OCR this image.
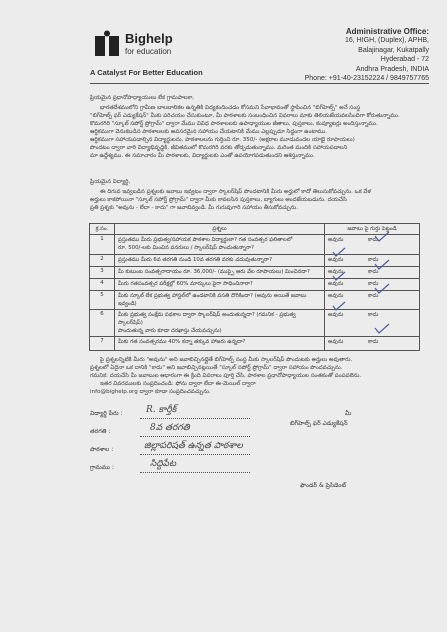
Bighelp
for education
A Catalyst For Better Education
Administrative Office:
16, HIGH, (Duplex), APHB,
Balajinagar, Kukatpally
Hyderabad - 72
Andhra Pradesh, INDIA
Phone: +91-40-23152224 / 9849757765
ప్రియమైన ప్రధానోపాధ్యాయులు లేక గ్రామపాలకా,
భారతదేశములోని గ్రామీణ బాలబాలికల ఉన్నతికి విద్యకందించడం కోసమని సేవాభావంతో స్థాపించిన "బిగ్‌హెల్ప్" అనే సంస్థ
"బిగ్‌హెల్ప్ ఫర్ ఎడ్యుకేషన్" మీకు పరిచయం చేసుకుంటూ, మీ పాఠశాలకు సంబంధించిన వివరాలు మాకు తెలియజేయవలసిందిగా కోరుతున్నాము.
కొమరగిరి "స్కూల్ సపోర్ట్ ప్రోగ్రామ్" ద్వారా మేము వివిధ పాఠశాలలకు ఉపాధ్యాయుల జీతాలు, పుస్తకాలు, కంప్యూటర్లు అందిస్తున్నాము.
ఆర్థికముగా వెనుకబడిన పాఠశాలలకు అవసరమైన సహాయం చేయటానికి మేము ఎల్లప్పుడూ సిద్ధంగా ఉంటాము.
ఆర్థికముగా సహాయపడాల్సిన విద్యార్థులను, పాఠశాలలను గుర్తించి రూ. 350/- (అక్షరాల మూడువందల యాభై రూపాయలు)
పొందటం ద్వారా వారి విద్యాభివృద్ధికి, జీవితములో కొమరగిరి వరకు తోడ్పడుతున్నాము. మరింత మందికి సహాయపడాలని
మా ఉద్దేశ్యము. ఈ సమాచారం మీ పాఠశాలకు, విద్యార్థులకు ఎంతో ఉపయోగపడుతుందని ఆశిస్తున్నాము.
ప్రియమైన విద్యార్థి,
ఈ దిగువ ఇవ్వబడిన ప్రశ్నలకు జవాబు ఇవ్వటం ద్వారా స్కాలర్‌షిప్ పొందటానికి మీరు అర్హులో కాదో తెలుసుకోవచ్చును. ఒక వేళ
అర్హులు కాకపోయినా "స్కూల్ సపోర్ట్ ప్రోగ్రామ్" ద్వారా మీకు కావలసిన పుస్తకాలు, బ్యాగులు అందజేయబడును. దయచేసి
ప్రతి ప్రశ్నకు "అవును - లేదా - కాదు" గా జవాబివ్వండి. మీ గురువుగారి సహాయం తీసుకోవచ్చును.
క్ర.సం.	ప్రశ్నలు	జవాబు పై గుర్తు పెట్టండి
1	ప్రస్తుతము మీరు ప్రభుత్వ/సహాయక పాఠశాల విద్యార్థులా? గత సంవత్సర ఫలితాలలో
రూ. 500/-లకు మించిన వనరులు / స్కాలర్‌షిప్‌ పొందుతున్నారా?	అవును కాదు
2	ప్రస్తుతము మీరు 6వ తరగతి నుండి 10వ తరగతి వరకు చదువుతున్నారా?	అవును కాదు
3	మీ కుటుంబ సంవత్సరాదాయం రూ. 36,000/- (ముప్పై ఆరు వేల రూపాయలు) మించినదా?	అవును కాదు
4	మీరు గతసంవత్సర పరీక్షల్లో 60% మార్కులు పైగా సాధించినారా?	అవును కాదు
5	మీకు స్కూల్ లేక ప్రభుత్వ హాస్టల్‌లో ఉండటానికి వసతి దొరికిందా? (అవును అయితే జవాబు ఇవ్వండి)	అవును కాదు
6	మీకు ప్రభుత్వ సంక్షేమ పథకాల ద్వారా స్కాలర్‌షిప్ అందుతున్నదా? (గమనిక - ప్రభుత్వ స్కాలర్‌షిప్)
పొందుతున్న వారు కూడా దరఖాస్తు చేయవచ్చును)	అవును కాదు
7	మీకు గత సంవత్సరము 40% కన్నా తక్కువ హాజరు ఉన్నదా?	అవును కాదు
పై ప్రశ్నలన్నిటికి మీరు "అవును" అని జవాబిచ్చినట్లైతే బిగ్‌హెల్ప్ సంస్థ మీకు స్కాలర్‌షిప్ పొందుటకు అర్హులు అవుతారు.
ప్రశ్నలలో ఏదైనా ఒక దానికి "కాదు" అని జవాబిచ్చినట్లయితే "స్కూల్ సపోర్ట్ ప్రోగ్రామ్" ద్వారా సహాయం పొందవచ్చును.
గమనిక: దయచేసి మీ జవాబుల ఆధారంగా ఈ క్రింది వివరాలు పూర్తి చేసి, పాఠశాల ప్రధానోపాధ్యాయుల సంతకంతో పంపవలెను.
ఇతర వివరములకు సంప్రదించండి: ఫోను ద్వారా లేదా ఈ-మెయిల్ ద్వారా
info@bighelp.org ద్వారా కూడా సంప్రదించవచ్చును.
విద్యార్థి పేరు :	R. కార్తీక్
తరగతి :	8వ తరగతి
పాఠశాల :	జిల్లాపరిషత్ ఉన్నత పాఠశాల
గ్రామము :	సిద్దిపేట
మీ
బిగ్‌హెల్ప్ ఫర్ ఎడ్యుకేషన్
ఫౌండర్ & ప్రెసిడెంట్
